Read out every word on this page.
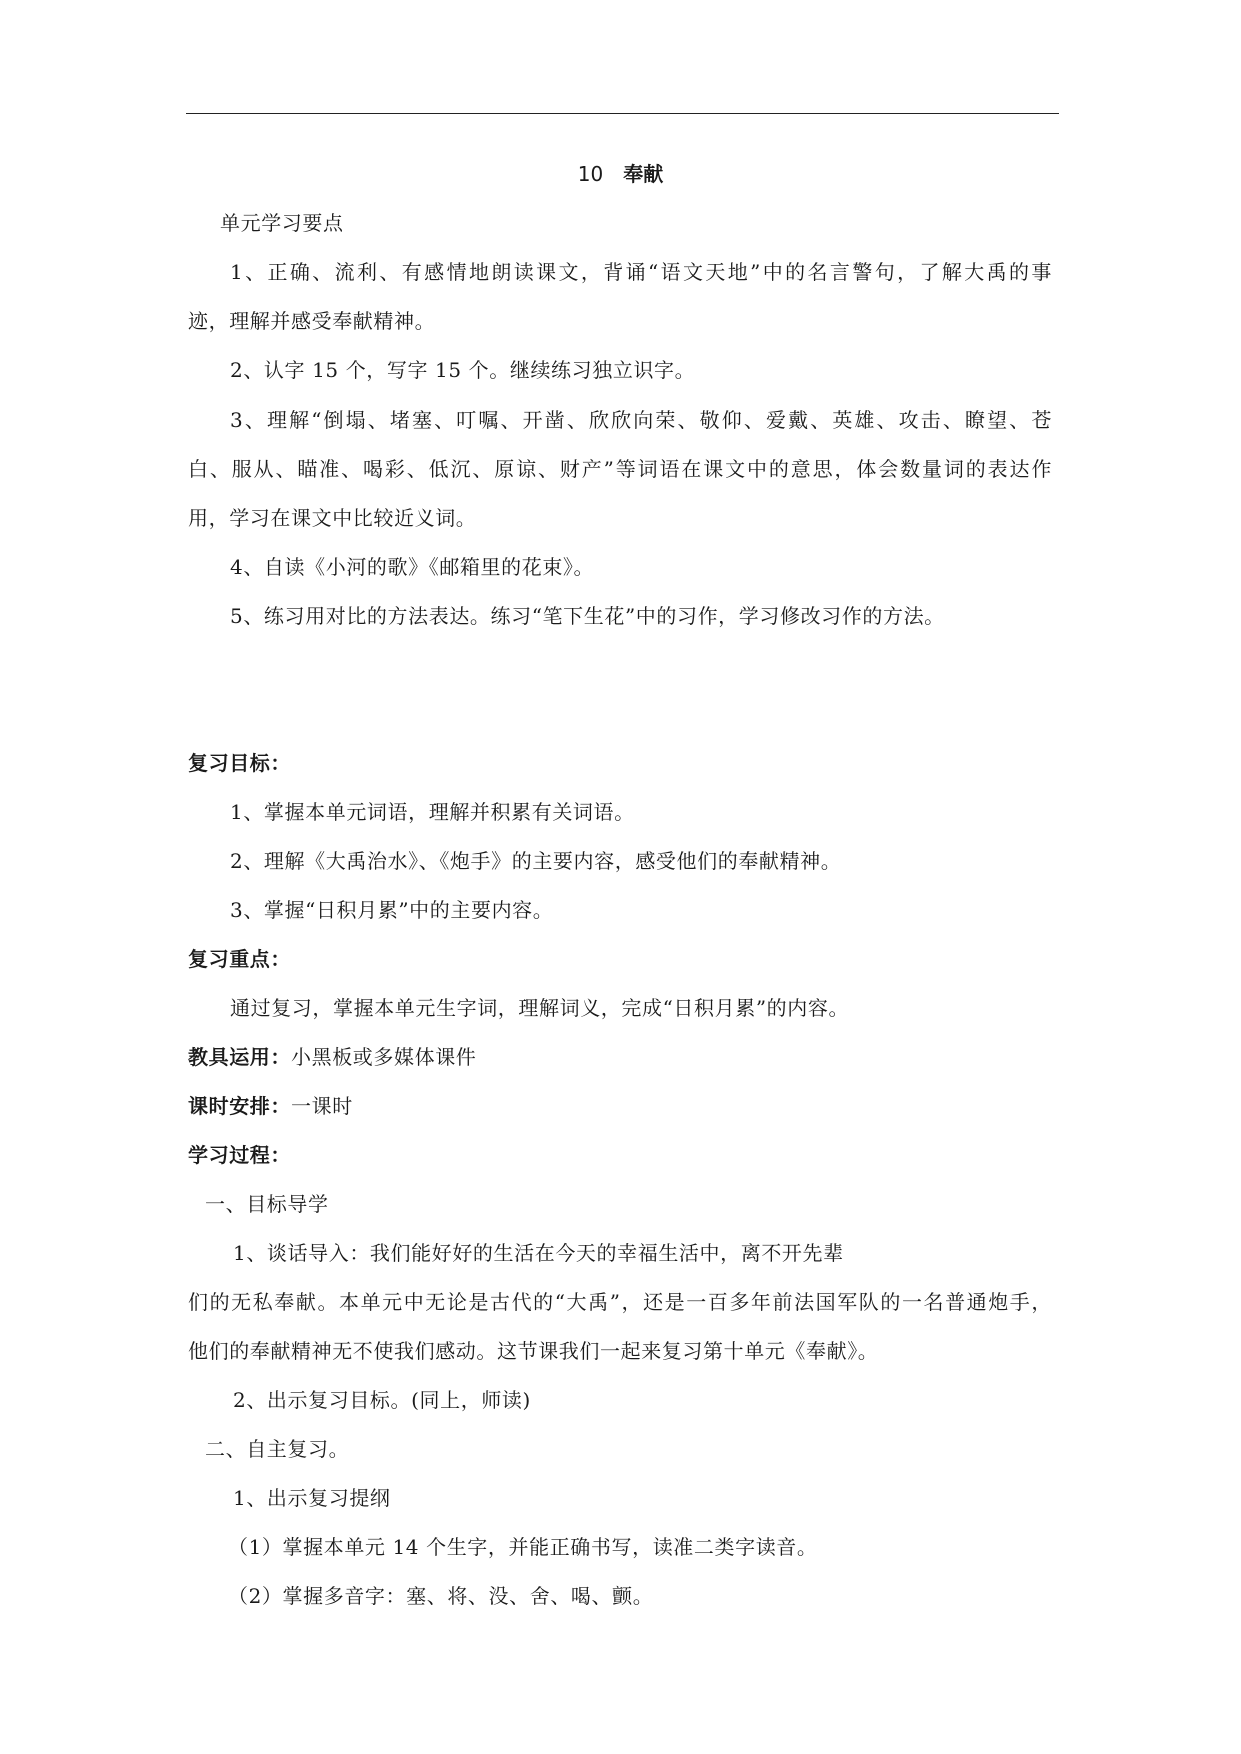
10 奉献
单元学习要点
1、正确、流利、有感情地朗读课文，背诵“语文天地”中的名言警句，了解大禹的事
迹，理解并感受奉献精神。
2、认字 15 个，写字 15 个。继续练习独立识字。
3、理解“倒塌、堵塞、叮嘱、开凿、欣欣向荣、敬仰、爱戴、英雄、攻击、瞭望、苍
白、服从、瞄准、喝彩、低沉、原谅、财产”等词语在课文中的意思，体会数量词的表达作
用，学习在课文中比较近义词。
4、自读《小河的歌》《邮箱里的花束》。
5、练习用对比的方法表达。练习“笔下生花”中的习作，学习修改习作的方法。
复习目标：
1、掌握本单元词语，理解并积累有关词语。
2、理解《大禹治水》、《炮手》的主要内容，感受他们的奉献精神。
3、掌握“日积月累”中的主要内容。
复习重点：
通过复习，掌握本单元生字词，理解词义，完成“日积月累”的内容。
教具运用：小黑板或多媒体课件
课时安排：一课时
学习过程：
一、目标导学
1、谈话导入：我们能好好的生活在今天的幸福生活中，离不开先辈
们的无私奉献。本单元中无论是古代的“大禹”，还是一百多年前法国军队的一名普通炮手，
他们的奉献精神无不使我们感动。这节课我们一起来复习第十单元《奉献》。
2、出示复习目标。(同上，师读)
二、自主复习。
1、出示复习提纲
（1）掌握本单元 14 个生字，并能正确书写，读准二类字读音。
（2）掌握多音字：塞、将、没、舍、喝、颤。
